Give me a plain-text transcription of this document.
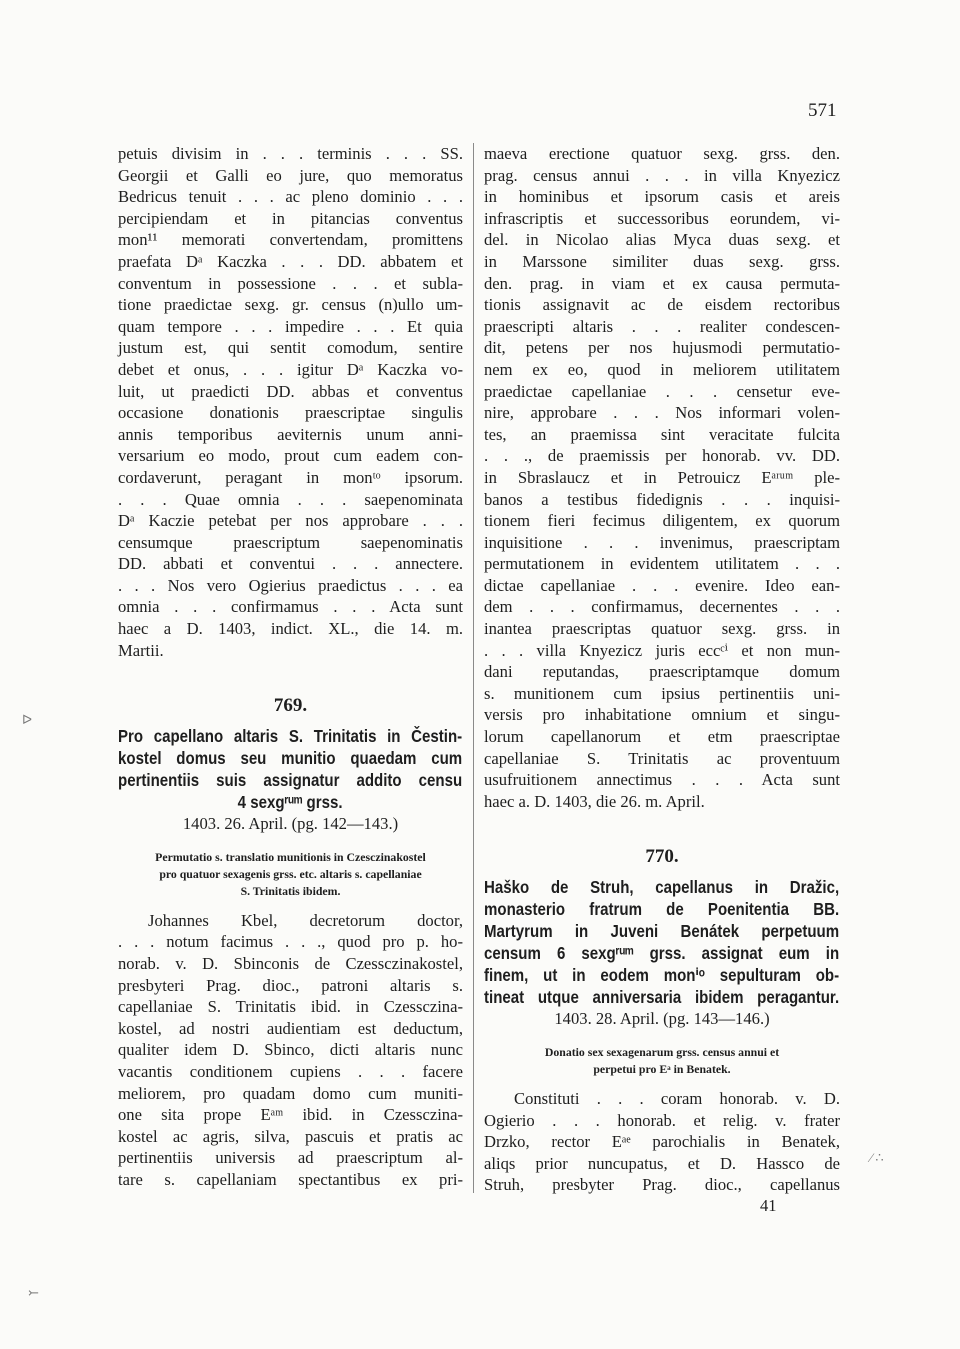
571
petuis divisim in . . . terminis . . . SS.
Georgii et Galli eo jure, quo memoratus
Bedricus tenuit . . . ac pleno dominio . . .
percipiendam et in pitancias conventus
mon¹¹ memorati convertendam, promittens
praefata Dᵃ Kaczka . . . DD. abbatem et
conventum in possessione . . . et subla-
tione praedictae sexg. gr. census (n)ullo um-
quam tempore . . . impedire . . . Et quia
justum est, qui sentit comodum, sentire
debet et onus, . . . igitur Dᵃ Kaczka vo-
luit, ut praedicti DD. abbas et conventus
occasione donationis praescriptae singulis
annis temporibus aeviternis unum anni-
versarium eo modo, prout cum eadem con-
cordaverunt, peragant in monᵗᵒ ipsorum.
. . . Quae omnia . . . saepenominata
Dᵃ Kaczie petebat per nos approbare . . .
censumque praescriptum saepenominatis
DD. abbati et conventui . . . annectere.
. . . Nos vero Ogierius praedictus . . . ea
omnia . . . confirmamus . . . Acta sunt
haec a D. 1403, indict. XL., die 14. m.
Martii.
769.
Pro capellano altaris S. Trinitatis in Čestin-
kostel domus seu munitio quaedam cum
pertinentiis suis assignatur addito censu
4 sexgʳᵘᵐ grss.
1403. 26. April. (pg. 142—143.)
Permutatio s. translatio munitionis in Czesczinakostel
pro quatuor sexagenis grss. etc. altaris s. capellaniae
S. Trinitatis ibidem.
Johannes Kbel, decretorum doctor,
. . . notum facimus . . ., quod pro p. ho-
norab. v. D. Sbinconis de Czessczinakostel,
presbyteri Prag. dioc., patroni altaris s.
capellaniae S. Trinitatis ibid. in Czessczina-
kostel, ad nostri audientiam est deductum,
qualiter idem D. Sbinco, dicti altaris nunc
vacantis conditionem cupiens . . . facere
meliorem, pro quadam domo cum muniti-
one sita prope Eᵃᵐ ibid. in Czessczina-
kostel ac agris, silva, pascuis et pratis ac
pertinentiis universis ad praescriptum al-
tare s. capellaniam spectantibus ex pri-
maeva erectione quatuor sexg. grss. den.
prag. census annui . . . in villa Knyezicz
in hominibus et ipsorum casis et areis
infrascriptis et successoribus eorundem, vi-
del. in Nicolao alias Myca duas sexg. et
in Marssone similiter duas sexg. grss.
den. prag. in viam et ex causa permuta-
tionis assignavit ac de eisdem rectoribus
praescripti altaris . . . realiter condescen-
dit, petens per nos hujusmodi permutatio-
nem ex eo, quod in meliorem utilitatem
praedictae capellaniae . . . censetur eve-
nire, approbare . . . Nos informari volen-
tes, an praemissa sint veracitate fulcita
. . ., de praemissis per honorab. vv. DD.
in Sbraslaucz et in Petrouicz Eᵃʳᵘᵐ ple-
banos a testibus fidedignis . . . inquisi-
tionem fieri fecimus diligentem, ex quorum
inquisitione . . . invenimus, praescriptam
permutationem in evidentem utilitatem . . .
dictae capellaniae . . . evenire. Ideo ean-
dem . . . confirmamus, decernentes . . .
inantea praescriptas quatuor sexg. grss. in
. . . villa Knyezicz juris eccᶜⁱ et non mun-
dani reputandas, praescriptamque domum
s. munitionem cum ipsius pertinentiis uni-
versis pro inhabitatione omnium et singu-
lorum capellanorum et etm praescriptae
capellaniae S. Trinitatis ac proventuum
usufruitionem annectimus . . . Acta sunt
haec a. D. 1403, die 26. m. April.
770.
Haško de Struh, capellanus in Dražic,
monasterio fratrum de Poenitentia BB.
Martyrum in Juveni Benátek perpetuum
censum 6 sexgʳᵘᵐ grss. assignat eum in
finem, ut in eodem monⁱᵒ sepulturam ob-
tineat utque anniversaria ibidem peragantur.
1403. 28. April. (pg. 143—146.)
Donatio sex sexagenarum grss. census annui et
perpetui pro Eᵃ in Benatek.
Constituti . . . coram honorab. v. D.
Ogierio . . . honorab. et relig. v. frater
Drzko, rector Eᵃᵉ parochialis in Benatek,
aliqs prior nuncupatus, et D. Hassco de
Struh, presbyter Prag. dioc., capellanus
41
ᐅ
⤚
⁄ ∴
